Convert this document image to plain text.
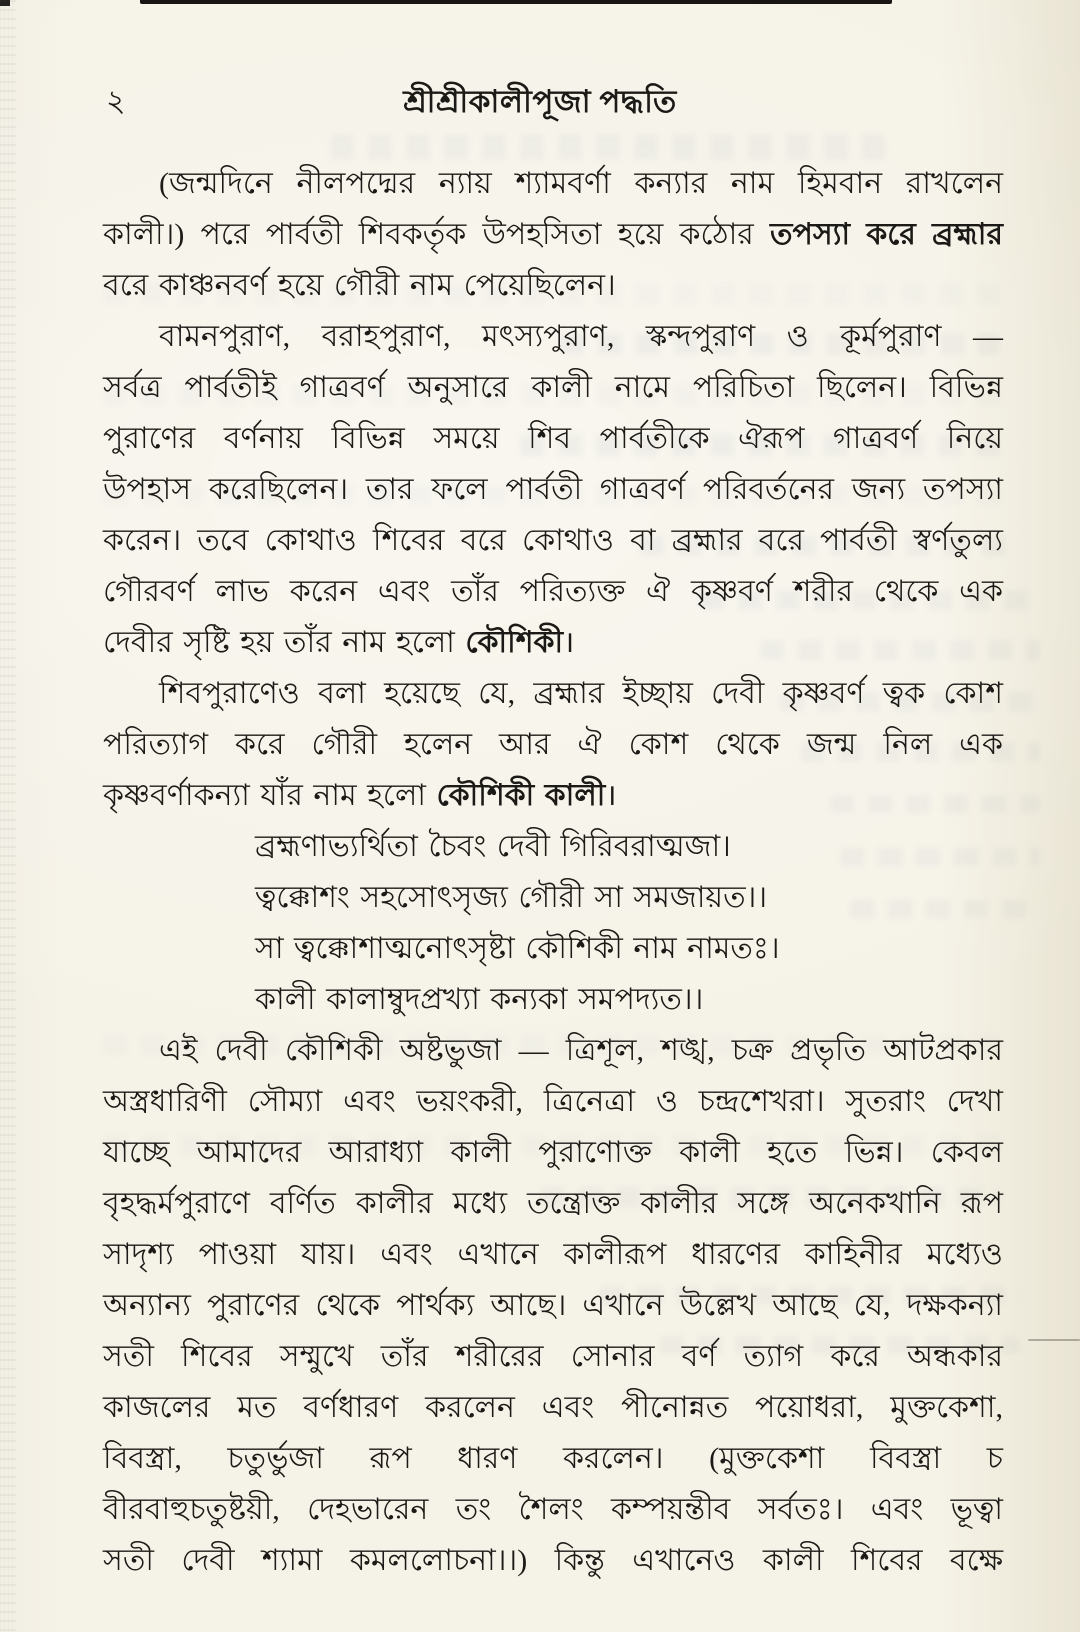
২	শ্রীশ্রীকালীপূজা পদ্ধতি
(জন্মদিনে নীলপদ্মের ন্যায় শ্যামবর্ণা কন্যার নাম হিমবান রাখলেন
কালী।) পরে পার্বতী শিবকর্তৃক উপহসিতা হয়ে কঠোর তপস্যা করে ব্রহ্মার
বরে কাঞ্চনবর্ণ হয়ে গৌরী নাম পেয়েছিলেন।
বামনপুরাণ, বরাহপুরাণ, মৎস্যপুরাণ, স্কন্দপুরাণ ও কূর্মপুরাণ —
সর্বত্র পার্বতীই গাত্রবর্ণ অনুসারে কালী নামে পরিচিতা ছিলেন। বিভিন্ন
পুরাণের বর্ণনায় বিভিন্ন সময়ে শিব পার্বতীকে ঐরূপ গাত্রবর্ণ নিয়ে
উপহাস করেছিলেন। তার ফলে পার্বতী গাত্রবর্ণ পরিবর্তনের জন্য তপস্যা
করেন। তবে কোথাও শিবের বরে কোথাও বা ব্রহ্মার বরে পার্বতী স্বর্ণতুল্য
গৌরবর্ণ লাভ করেন এবং তাঁর পরিত্যক্ত ঐ কৃষ্ণবর্ণ শরীর থেকে এক
দেবীর সৃষ্টি হয় তাঁর নাম হলো কৌশিকী।
শিবপুরাণেও বলা হয়েছে যে, ব্রহ্মার ইচ্ছায় দেবী কৃষ্ণবর্ণ ত্বক কোশ
পরিত্যাগ করে গৌরী হলেন আর ঐ কোশ থেকে জন্ম নিল এক
কৃষ্ণবর্ণাকন্যা যাঁর নাম হলো কৌশিকী কালী।
ব্রহ্মণাভ্যর্থিতা চৈবং দেবী গিরিবরাত্মজা।
ত্বক্কোশং সহসোৎসৃজ্য গৌরী সা সমজায়ত।।
সা ত্বক্কোশাত্মনোৎসৃষ্টা কৌশিকী নাম নামতঃ।
কালী কালাম্বুদপ্রখ্যা কন্যকা সমপদ্যত।।
এই দেবী কৌশিকী অষ্টভুজা — ত্রিশূল, শঙ্খ, চক্র প্রভৃতি আটপ্রকার
অস্ত্রধারিণী সৌম্যা এবং ভয়ংকরী, ত্রিনেত্রা ও চন্দ্রশেখরা। সুতরাং দেখা
যাচ্ছে আমাদের আরাধ্যা কালী পুরাণোক্ত কালী হতে ভিন্ন। কেবল
বৃহদ্ধর্মপুরাণে বর্ণিত কালীর মধ্যে তন্ত্রোক্ত কালীর সঙ্গে অনেকখানি রূপ
সাদৃশ্য পাওয়া যায়। এবং এখানে কালীরূপ ধারণের কাহিনীর মধ্যেও
অন্যান্য পুরাণের থেকে পার্থক্য আছে। এখানে উল্লেখ আছে যে, দক্ষকন্যা
সতী শিবের সম্মুখে তাঁর শরীরের সোনার বর্ণ ত্যাগ করে অন্ধকার
কাজলের মত বর্ণধারণ করলেন এবং পীনোন্নত পয়োধরা, মুক্তকেশা,
বিবস্ত্রা, চতুর্ভুজা রূপ ধারণ করলেন। (মুক্তকেশা বিবস্ত্রা চ
বীরবাহুচতুষ্টয়ী, দেহভারেন তং শৈলং কম্পয়ন্তীব সর্বতঃ। এবং ভূত্বা
সতী দেবী শ্যামা কমললোচনা।।) কিন্তু এখানেও কালী শিবের বক্ষে
